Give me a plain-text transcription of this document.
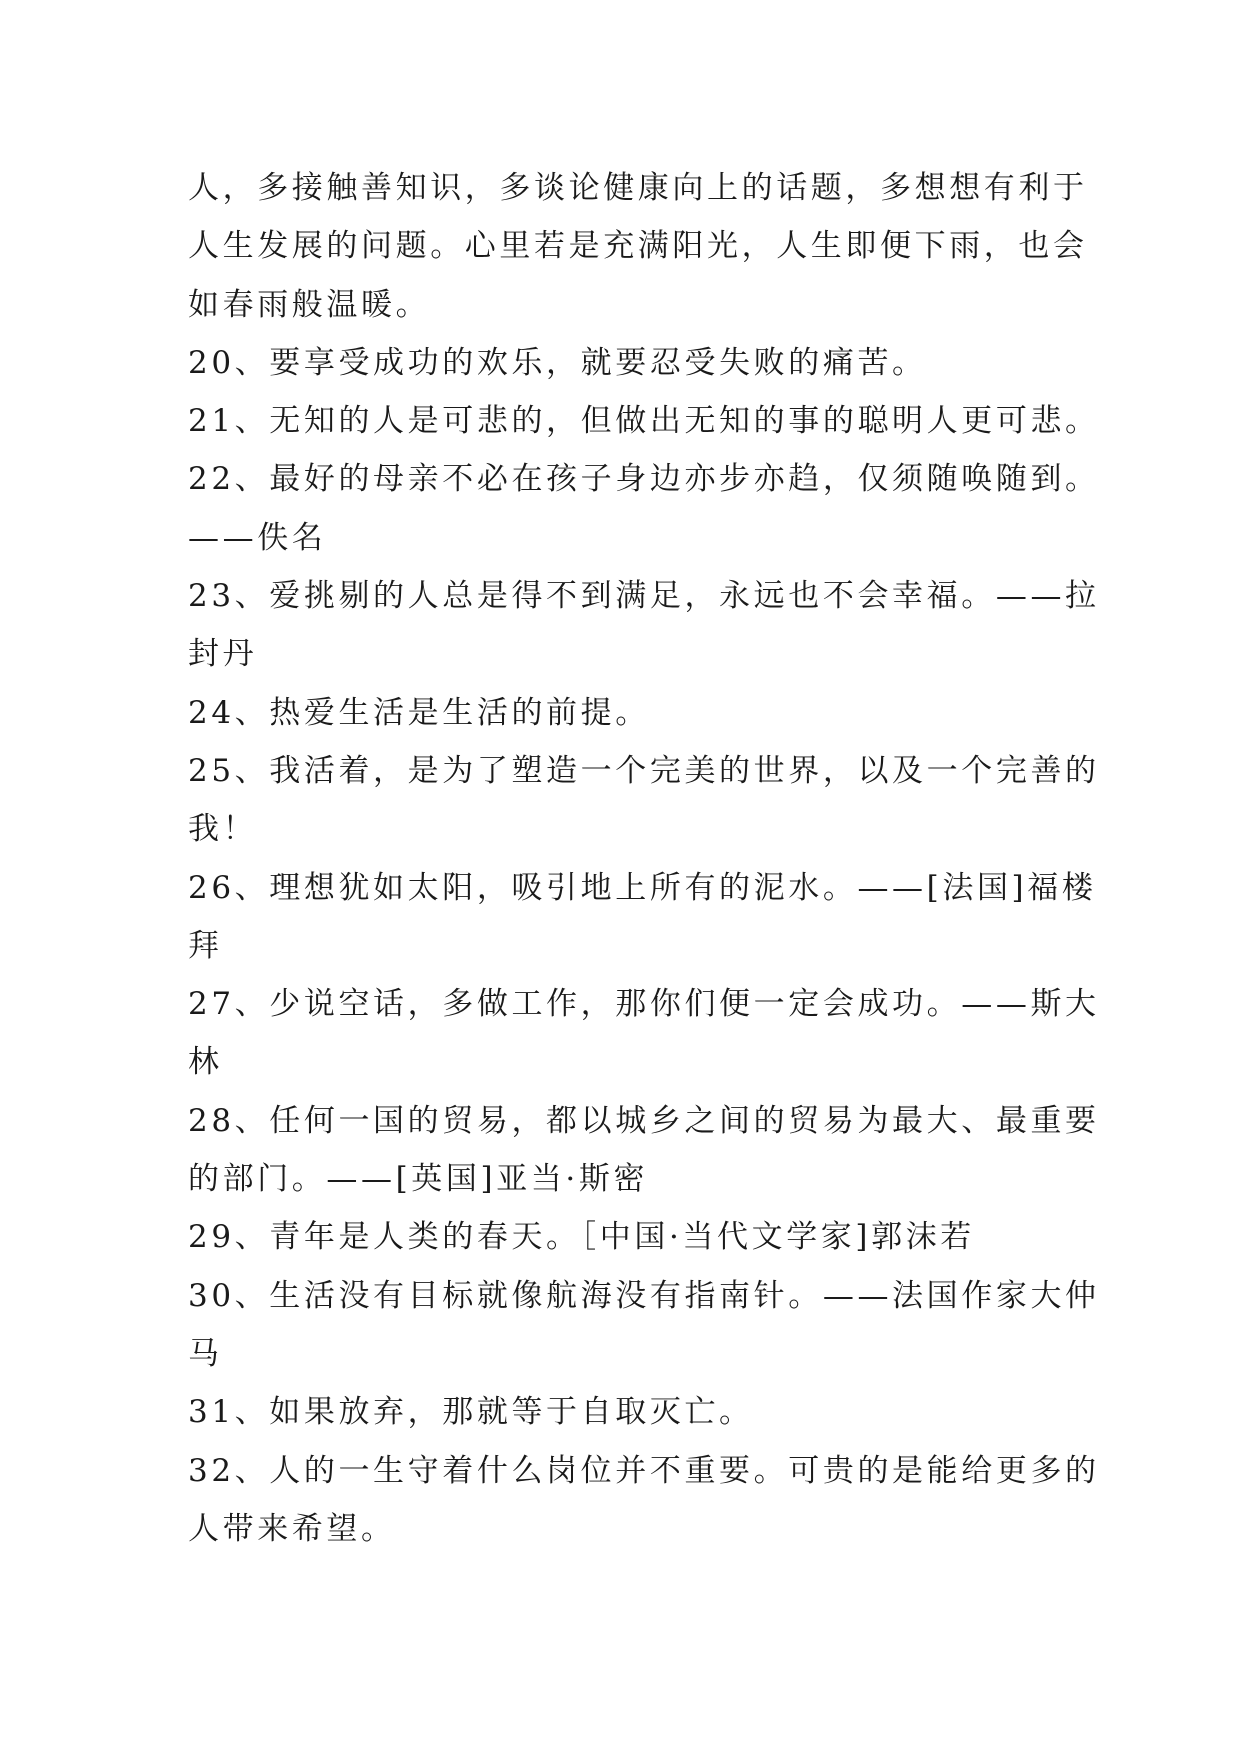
人，多接触善知识，多谈论健康向上的话题，多想想有利于
人生发展的问题。心里若是充满阳光，人生即便下雨，也会
如春雨般温暖。
20、要享受成功的欢乐，就要忍受失败的痛苦。
21、无知的人是可悲的，但做出无知的事的聪明人更可悲。
22、最好的母亲不必在孩子身边亦步亦趋，仅须随唤随到。
——佚名
23、爱挑剔的人总是得不到满足，永远也不会幸福。——拉
封丹
24、热爱生活是生活的前提。
25、我活着，是为了塑造一个完美的世界，以及一个完善的
我！
26、理想犹如太阳，吸引地上所有的泥水。——[法国]福楼
拜
27、少说空话，多做工作，那你们便一定会成功。——斯大
林
28、任何一国的贸易，都以城乡之间的贸易为最大、最重要
的部门。——[英国]亚当·斯密
29、青年是人类的春天。［中国·当代文学家]郭沫若
30、生活没有目标就像航海没有指南针。——法国作家大仲
马
31、如果放弃，那就等于自取灭亡。
32、人的一生守着什么岗位并不重要。可贵的是能给更多的
人带来希望。
